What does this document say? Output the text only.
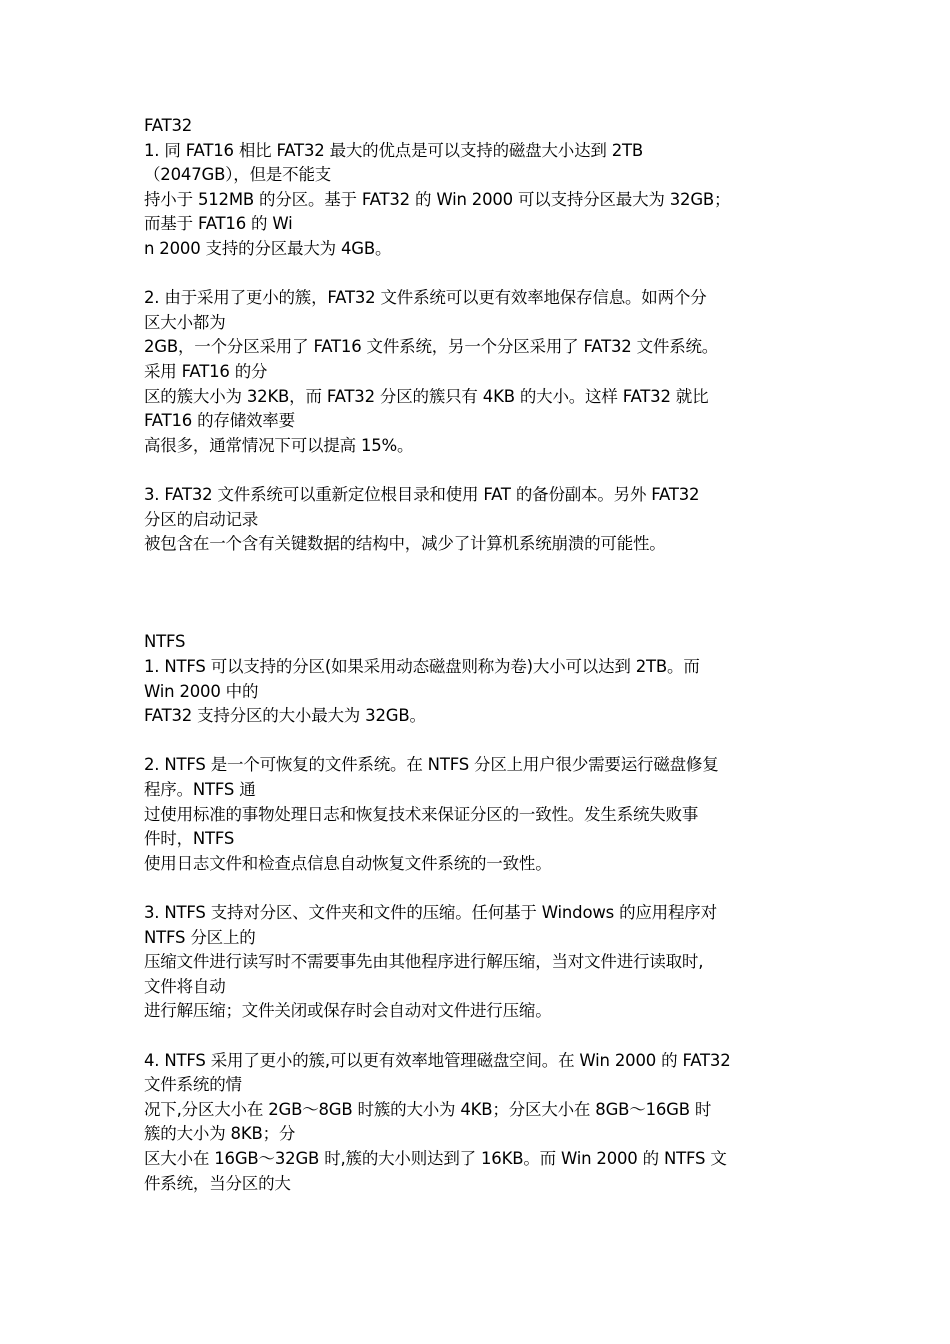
FAT32
1. 同 FAT16 相比 FAT32 最大的优点是可以支持的磁盘大小达到 2TB
（2047GB），但是不能支
持小于 512MB 的分区。基于 FAT32 的 Win 2000 可以支持分区最大为 32GB；
而基于 FAT16 的 Wi
n 2000 支持的分区最大为 4GB。
2. 由于采用了更小的簇，FAT32 文件系统可以更有效率地保存信息。如两个分
区大小都为
2GB，一个分区采用了 FAT16 文件系统，另一个分区采用了 FAT32 文件系统。
采用 FAT16 的分
区的簇大小为 32KB，而 FAT32 分区的簇只有 4KB 的大小。这样 FAT32 就比
FAT16 的存储效率要
高很多，通常情况下可以提高 15%。
3. FAT32 文件系统可以重新定位根目录和使用 FAT 的备份副本。另外 FAT32
分区的启动记录
被包含在一个含有关键数据的结构中，减少了计算机系统崩溃的可能性。
NTFS
1. NTFS 可以支持的分区(如果采用动态磁盘则称为卷)大小可以达到 2TB。而
Win 2000 中的
FAT32 支持分区的大小最大为 32GB。
2. NTFS 是一个可恢复的文件系统。在 NTFS 分区上用户很少需要运行磁盘修复
程序。NTFS 通
过使用标准的事物处理日志和恢复技术来保证分区的一致性。发生系统失败事
件时，NTFS
使用日志文件和检查点信息自动恢复文件系统的一致性。
3. NTFS 支持对分区、文件夹和文件的压缩。任何基于 Windows 的应用程序对
NTFS 分区上的
压缩文件进行读写时不需要事先由其他程序进行解压缩，当对文件进行读取时,
文件将自动
进行解压缩；文件关闭或保存时会自动对文件进行压缩。
4. NTFS 采用了更小的簇,可以更有效率地管理磁盘空间。在 Win 2000 的 FAT32
文件系统的情
况下,分区大小在 2GB～8GB 时簇的大小为 4KB；分区大小在 8GB～16GB 时
簇的大小为 8KB；分
区大小在 16GB～32GB 时,簇的大小则达到了 16KB。而 Win 2000 的 NTFS 文
件系统，当分区的大
